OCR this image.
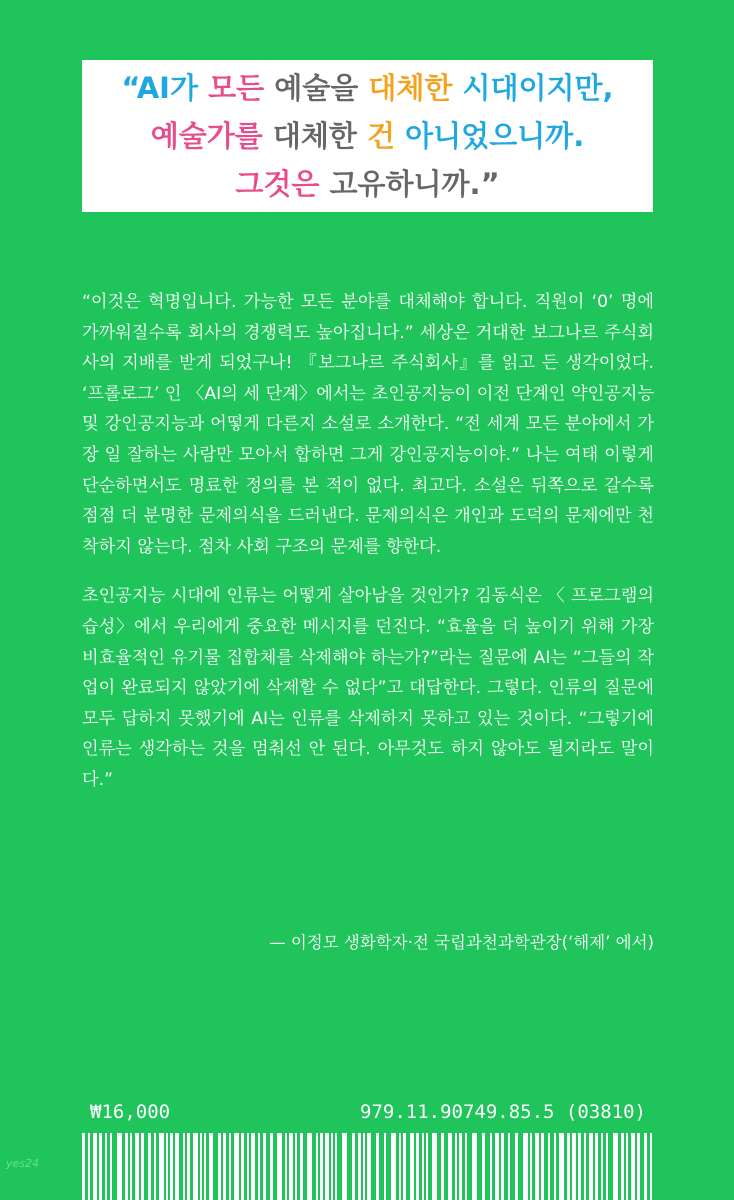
“AI가 모든 예술을 대체한 시대이지만,
예술가를 대체한 건 아니었으니까.
그것은 고유하니까.”

“이것은 혁명입니다. 가능한 모든 분야를 대체해야 합니다. 직원이 ‘0’ 명에 가까워질수록 회사의 경쟁력도 높아집니다.” 세상은 거대한 보그나르 주식회사의 지배를 받게 되었구나! 『보그나르 주식회사』를 읽고 든 생각이었다. ‘프롤로그’ 인 〈AI의 세 단계〉에서는 초인공지능이 이전 단계인 약인공지능 및 강인공지능과 어떻게 다른지 소설로 소개한다. “전 세계 모든 분야에서 가장 일 잘하는 사람만 모아서 합하면 그게 강인공지능이야.” 나는 여태 이렇게 단순하면서도 명료한 정의를 본 적이 없다. 최고다. 소설은 뒤쪽으로 갈수록 점점 더 분명한 문제의식을 드러낸다. 문제의식은 개인과 도덕의 문제에만 천착하지 않는다. 점차 사회 구조의 문제를 향한다.

초인공지능 시대에 인류는 어떻게 살아남을 것인가? 김동식은 〈 프로그램의 습성〉에서 우리에게 중요한 메시지를 던진다. “효율을 더 높이기 위해 가장 비효율적인 유기물 집합체를 삭제해야 하는가?”라는 질문에 AI는 “그들의 작업이 완료되지 않았기에 삭제할 수 없다”고 대답한다. 그렇다. 인류의 질문에 모두 답하지 못했기에 AI는 인류를 삭제하지 못하고 있는 것이다. “그렇기에 인류는 생각하는 것을 멈춰선 안 된다. 아무것도 하지 않아도 될지라도 말이다.”

— 이정모 생화학자·전 국립과천과학관장(‘해제’ 에서)
₩16,000	979.11.90749.85.5 (03810)
yes24
